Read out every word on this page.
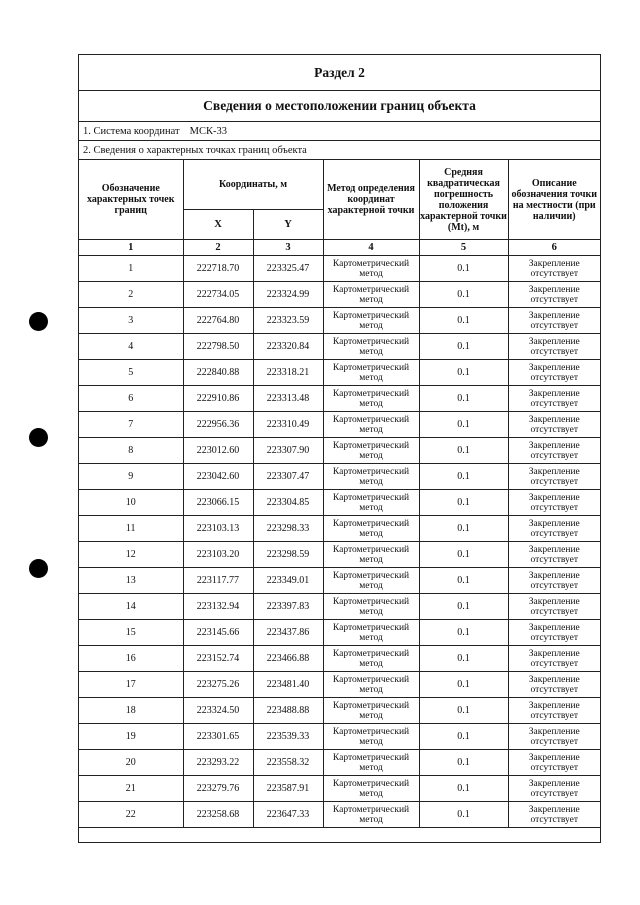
Раздел 2
Сведения о местоположении границ объекта
1. Система координат МСК-33
2. Сведения о характерных точках границ объекта
Обозначение характерных точек границ	Координаты, м		Метод определения координат характерной точки	Средняя квадратическая погрешность положения характерной точки (Mt), м	Описание обозначения точки на местности (при наличии)
	X	Y			
1	2	3	4	5	6
1	222718.70	223325.47	Картометрический метод	0.1	Закрепление отсутствует
2	222734.05	223324.99	Картометрический метод	0.1	Закрепление отсутствует
3	222764.80	223323.59	Картометрический метод	0.1	Закрепление отсутствует
4	222798.50	223320.84	Картометрический метод	0.1	Закрепление отсутствует
5	222840.88	223318.21	Картометрический метод	0.1	Закрепление отсутствует
6	222910.86	223313.48	Картометрический метод	0.1	Закрепление отсутствует
7	222956.36	223310.49	Картометрический метод	0.1	Закрепление отсутствует
8	223012.60	223307.90	Картометрический метод	0.1	Закрепление отсутствует
9	223042.60	223307.47	Картометрический метод	0.1	Закрепление отсутствует
10	223066.15	223304.85	Картометрический метод	0.1	Закрепление отсутствует
11	223103.13	223298.33	Картометрический метод	0.1	Закрепление отсутствует
12	223103.20	223298.59	Картометрический метод	0.1	Закрепление отсутствует
13	223117.77	223349.01	Картометрический метод	0.1	Закрепление отсутствует
14	223132.94	223397.83	Картометрический метод	0.1	Закрепление отсутствует
15	223145.66	223437.86	Картометрический метод	0.1	Закрепление отсутствует
16	223152.74	223466.88	Картометрический метод	0.1	Закрепление отсутствует
17	223275.26	223481.40	Картометрический метод	0.1	Закрепление отсутствует
18	223324.50	223488.88	Картометрический метод	0.1	Закрепление отсутствует
19	223301.65	223539.33	Картометрический метод	0.1	Закрепление отсутствует
20	223293.22	223558.32	Картометрический метод	0.1	Закрепление отсутствует
21	223279.76	223587.91	Картометрический метод	0.1	Закрепление отсутствует
22	223258.68	223647.33	Картометрический метод	0.1	Закрепление отсутствует
